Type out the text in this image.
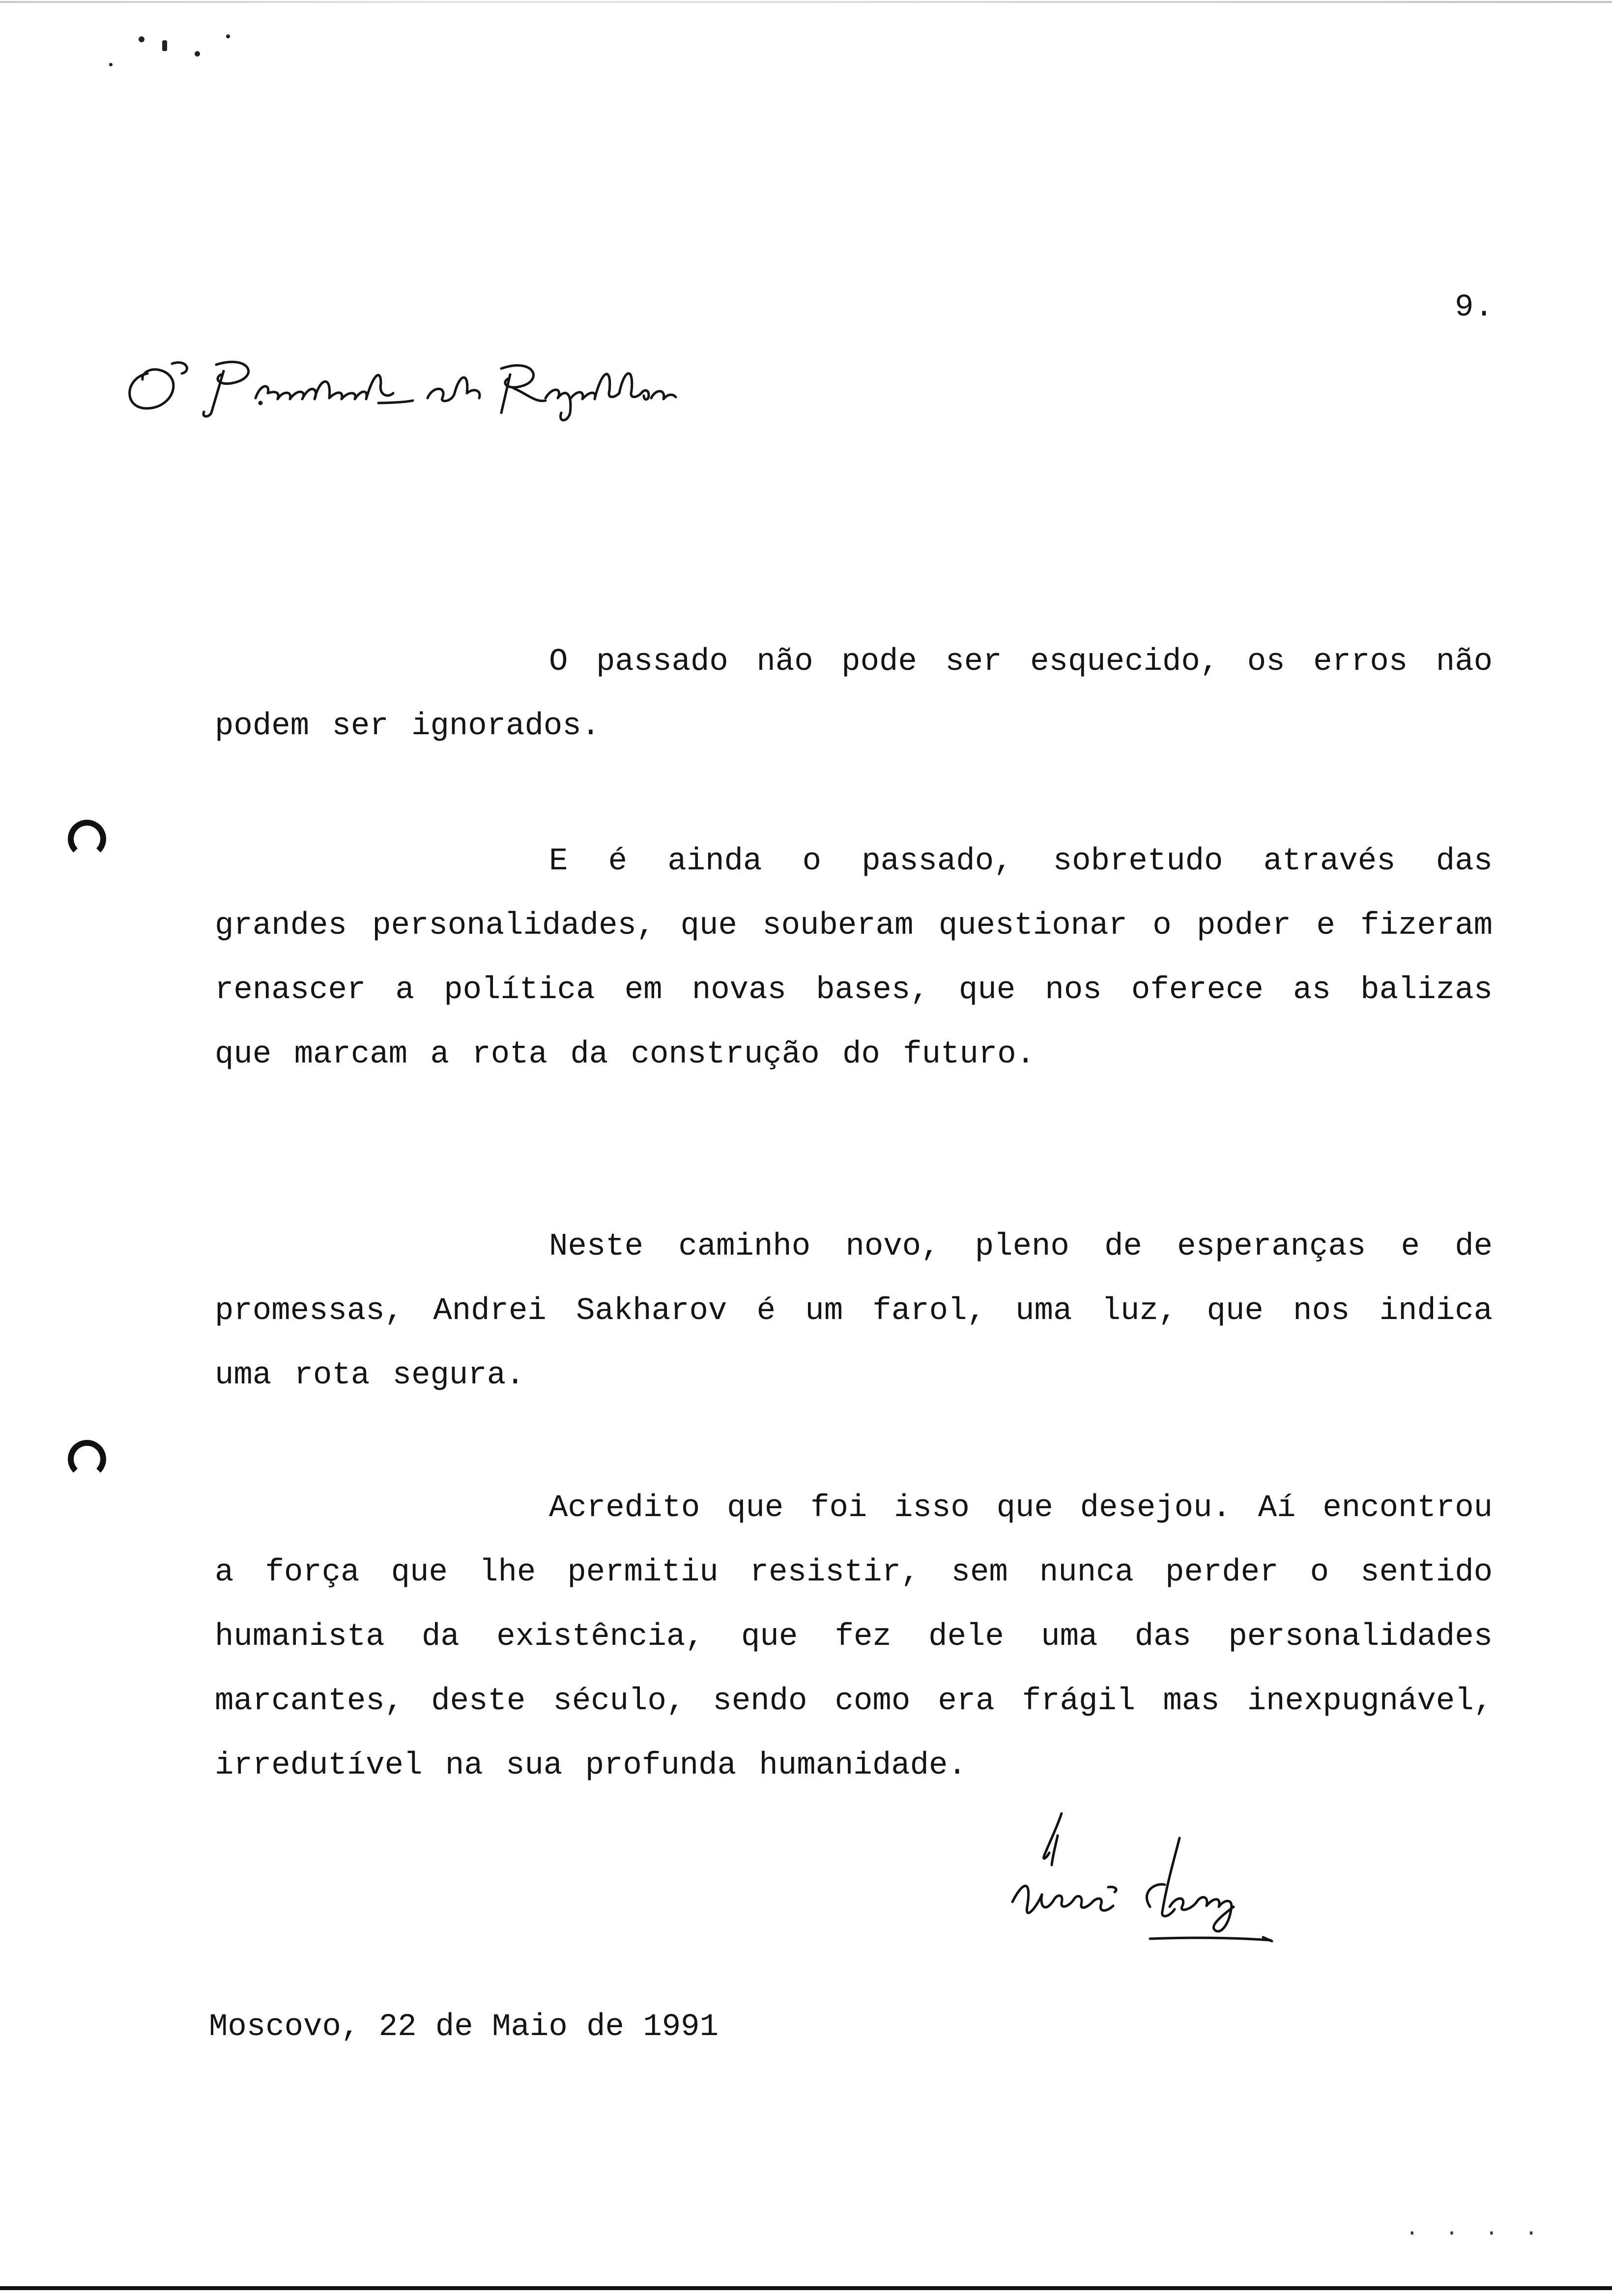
9.

O passado não pode ser esquecido, os erros não podem ser ignorados.

E é ainda o passado, sobretudo através das grandes personalidades, que souberam questionar o poder e fizeram renascer a política em novas bases, que nos oferece as balizas que marcam a rota da construção do futuro.

Neste caminho novo, pleno de esperanças e de promessas, Andrei Sakharov é um farol, uma luz, que nos indica uma rota segura.

Acredito que foi isso que desejou. Aí encontrou a força que lhe permitiu resistir, sem nunca perder o sentido humanista da existência, que fez dele uma das personalidades marcantes, deste século, sendo como era frágil mas inexpugnável, irredutível na sua profunda humanidade.

Moscovo, 22 de Maio de 1991
· · · ·
